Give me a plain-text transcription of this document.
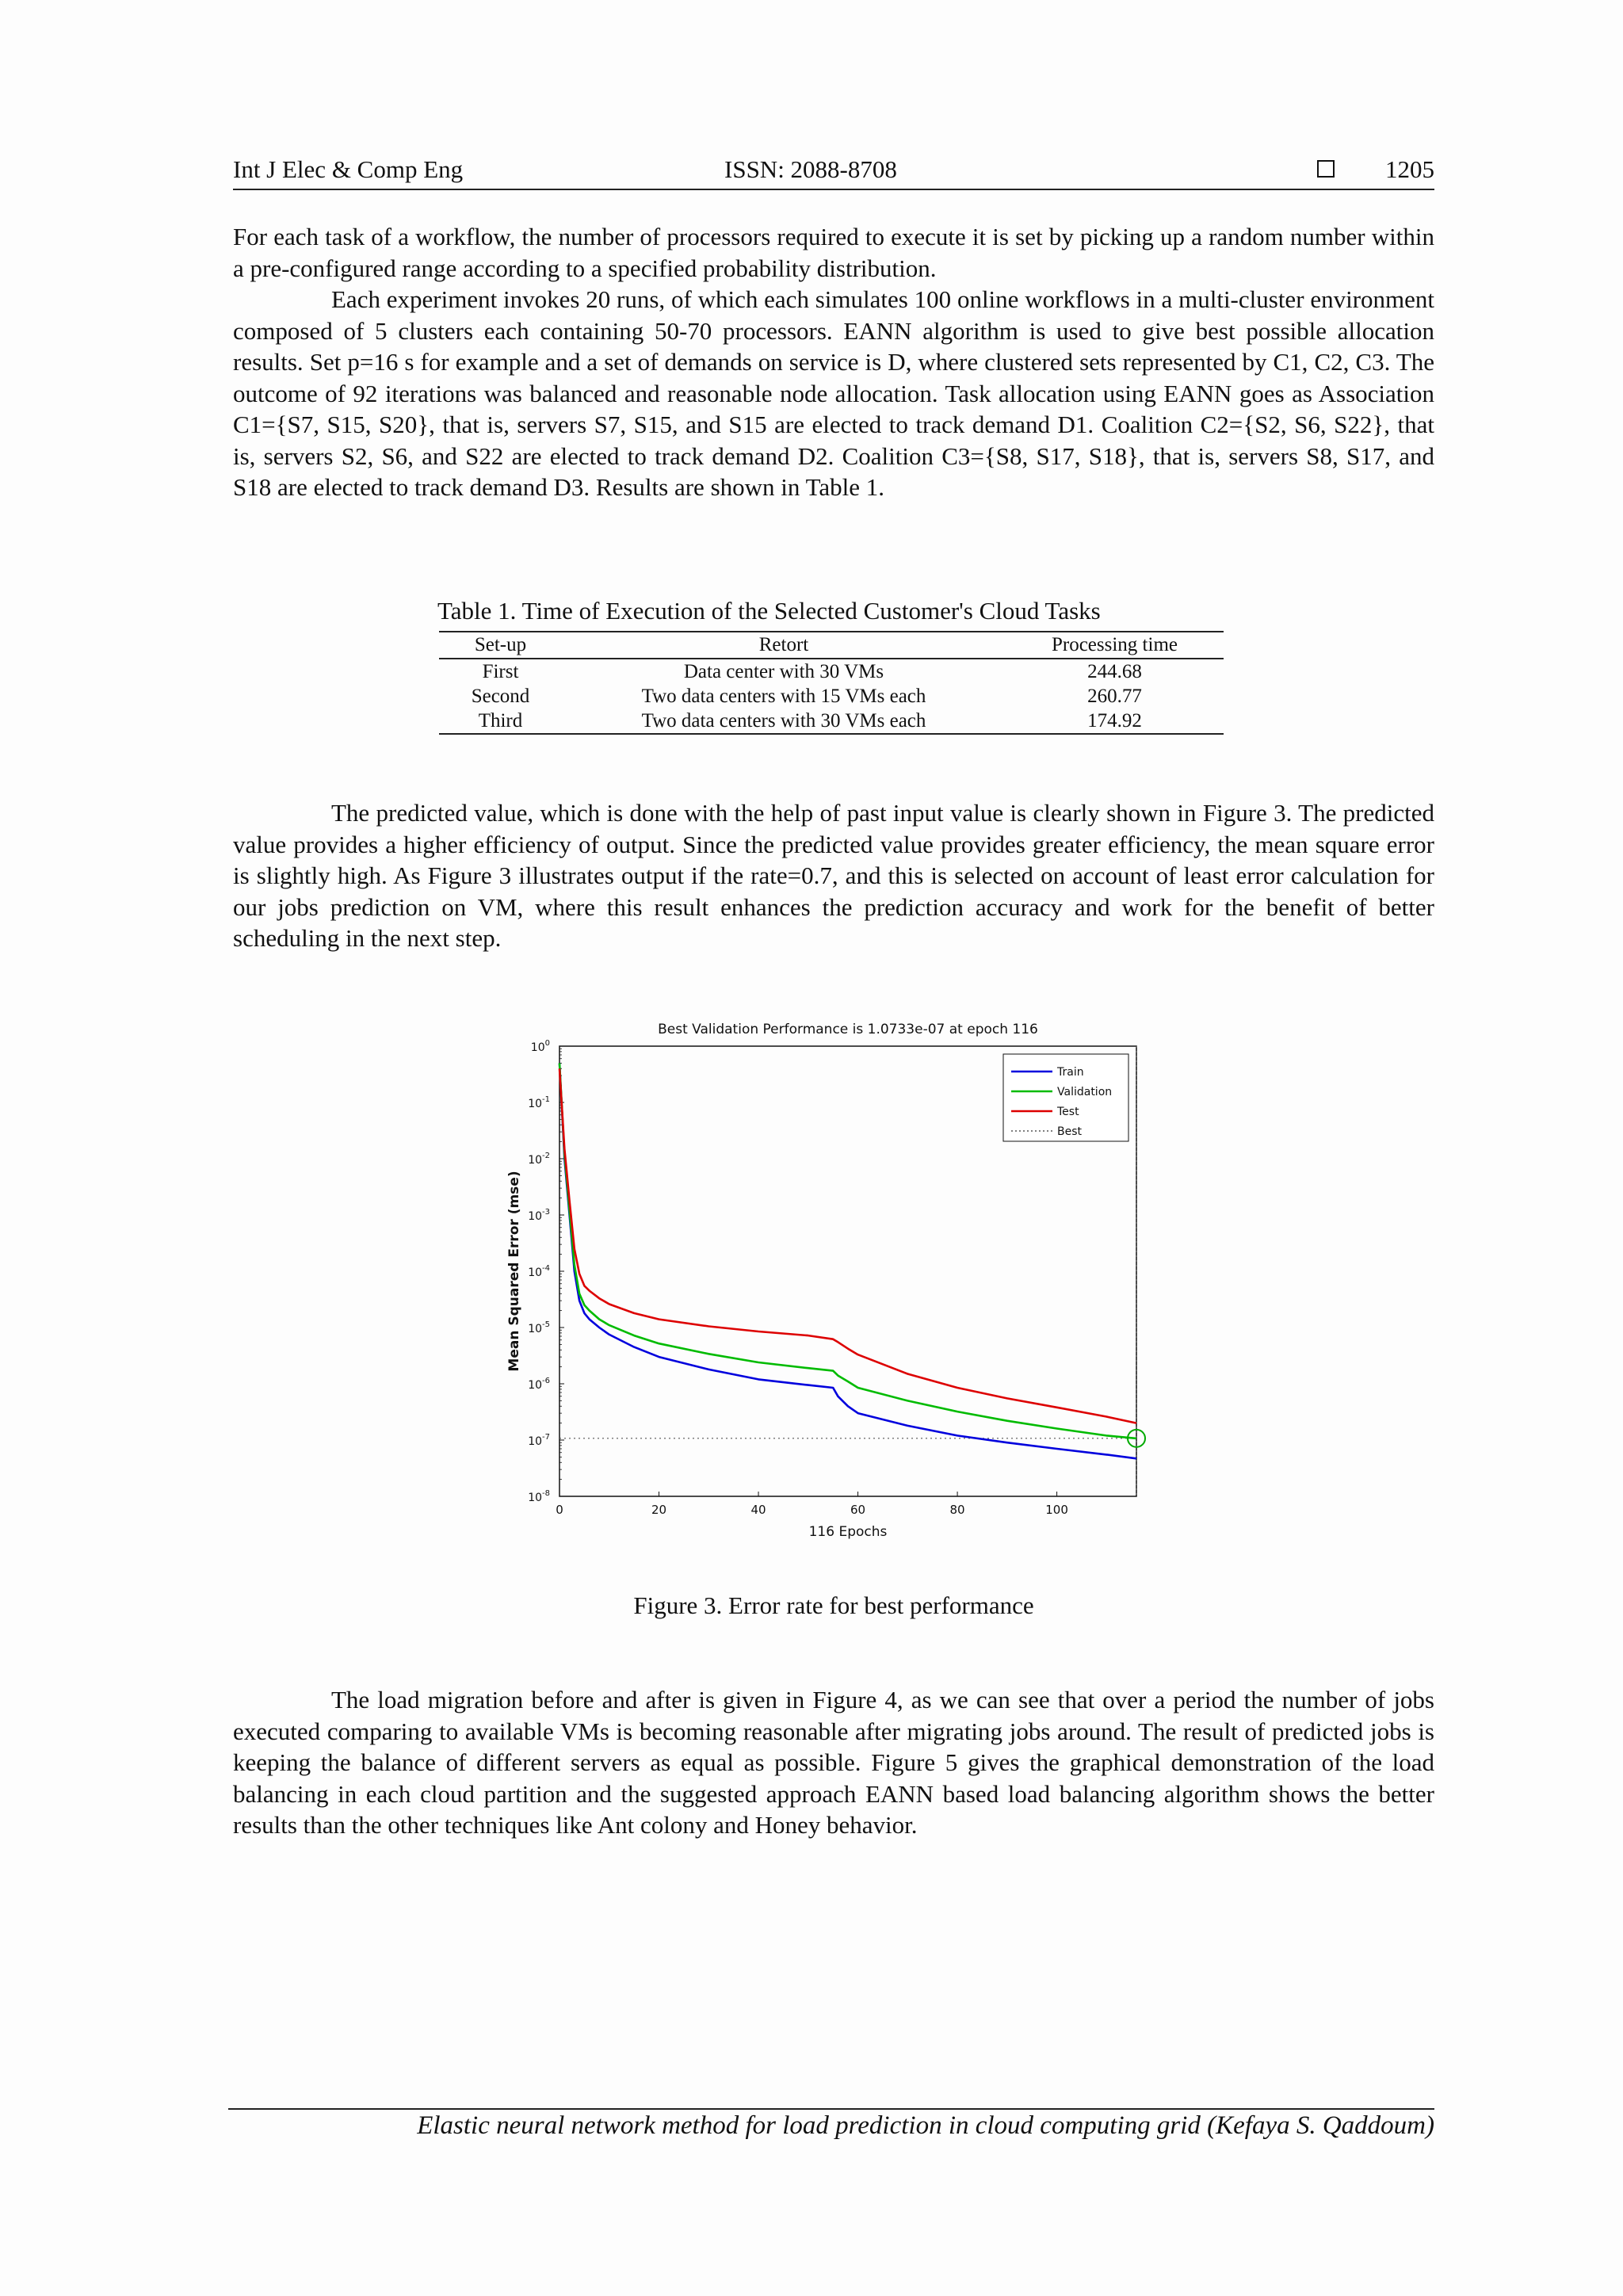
Int J Elec & Comp Eng	ISSN: 2088-8708	1205

For each task of a workflow, the number of processors required to execute it is set by picking up a random number within a pre-configured range according to a specified probability distribution.

Each experiment invokes 20 runs, of which each simulates 100 online workflows in a multi-cluster environment composed of 5 clusters each containing 50-70 processors. EANN algorithm is used to give best possible allocation results. Set p=16 s for example and a set of demands on service is D, where clustered sets represented by C1, C2, C3. The outcome of 92 iterations was balanced and reasonable node allocation. Task allocation using EANN goes as Association C1={S7, S15, S20}, that is, servers S7, S15, and S15 are elected to track demand D1. Coalition C2={S2, S6, S22}, that is, servers S2, S6, and S22 are elected to track demand D2. Coalition C3={S8, S17, S18}, that is, servers S8, S17, and S18 are elected to track demand D3. Results are shown in Table 1.

Table 1. Time of Execution of the Selected Customer's Cloud Tasks
Set-up	Retort	Processing time
First	Data center with 30 VMs	244.68
Second	Two data centers with 15 VMs each	260.77
Third	Two data centers with 30 VMs each	174.92

The predicted value, which is done with the help of past input value is clearly shown in Figure 3. The predicted value provides a higher efficiency of output. Since the predicted value provides greater efficiency, the mean square error is slightly high. As Figure 3 illustrates output if the rate=0.7, and this is selected on account of least error calculation for our jobs prediction on VM, where this result enhances the prediction accuracy and work for the benefit of better scheduling in the next step.

Best Validation Performance is 1.0733e-07 at epoch 116
$10^0$
$10^{-1}$
$10^{-2}$
$10^{-3}$
$10^{-4}$
$10^{-5}$
$10^{-6}$
$10^{-7}$
$10^{-8}$
0	20	40	60	80	100
116 Epochs
Mean Squared Error (mse)
Train
Validation
Test
Best
Figure 3. Error rate for best performance

The load migration before and after is given in Figure 4, as we can see that over a period the number of jobs executed comparing to available VMs is becoming reasonable after migrating jobs around. The result of predicted jobs is keeping the balance of different servers as equal as possible. Figure 5 gives the graphical demonstration of the load balancing in each cloud partition and the suggested approach EANN based load balancing algorithm shows the better results than the other techniques like Ant colony and Honey behavior.

Elastic neural network method for load prediction in cloud computing grid (Kefaya S. Qaddoum)
